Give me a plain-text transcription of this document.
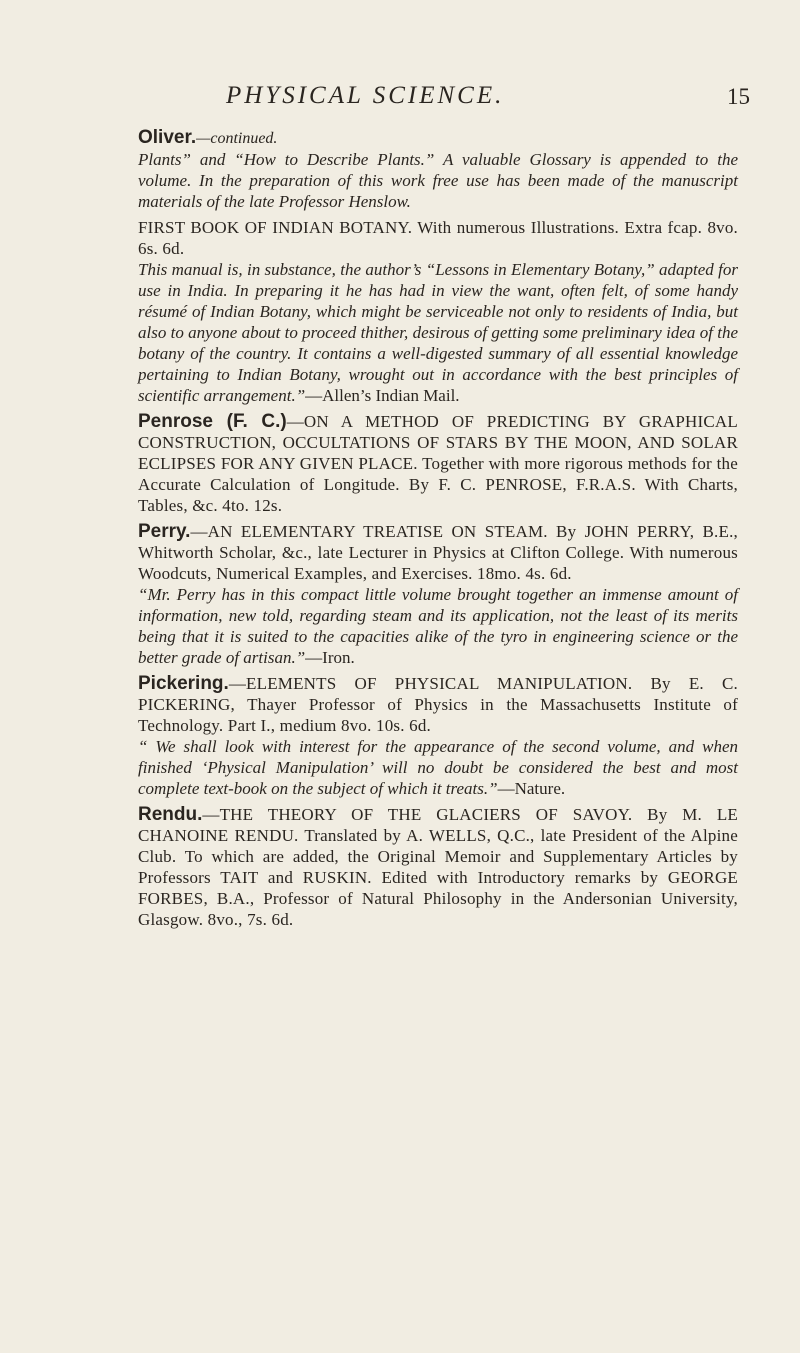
PHYSICAL SCIENCE.	15

Oliver.—continued.

Plants” and “How to Describe Plants.” A valuable Glossary is appended to the volume. In the preparation of this work free use has been made of the manuscript materials of the late Professor Henslow.

FIRST BOOK OF INDIAN BOTANY. With numerous Illustrations. Extra fcap. 8vo. 6s. 6d.

This manual is, in substance, the author’s “Lessons in Elementary Botany,” adapted for use in India. In preparing it he has had in view the want, often felt, of some handy résumé of Indian Botany, which might be serviceable not only to residents of India, but also to anyone about to proceed thither, desirous of getting some preliminary idea of the botany of the country. It contains a well-digested summary of all essential knowledge pertaining to Indian Botany, wrought out in accordance with the best principles of scientific arrangement.”—Allen’s Indian Mail.

Penrose (F. C.)—ON A METHOD OF PREDICTING BY GRAPHICAL CONSTRUCTION, OCCULTATIONS OF STARS BY THE MOON, AND SOLAR ECLIPSES FOR ANY GIVEN PLACE. Together with more rigorous methods for the Accurate Calculation of Longitude. By F. C. PENROSE, F.R.A.S. With Charts, Tables, &c. 4to. 12s.

Perry.—AN ELEMENTARY TREATISE ON STEAM. By JOHN PERRY, B.E., Whitworth Scholar, &c., late Lecturer in Physics at Clifton College. With numerous Woodcuts, Numerical Examples, and Exercises. 18mo. 4s. 6d.

“Mr. Perry has in this compact little volume brought together an immense amount of information, new told, regarding steam and its application, not the least of its merits being that it is suited to the capacities alike of the tyro in engineering science or the better grade of artisan.”—Iron.

Pickering.—ELEMENTS OF PHYSICAL MANIPULATION. By E. C. PICKERING, Thayer Professor of Physics in the Massachusetts Institute of Technology. Part I., medium 8vo. 10s. 6d.

“ We shall look with interest for the appearance of the second volume, and when finished ‘Physical Manipulation’ will no doubt be considered the best and most complete text-book on the subject of which it treats.”—Nature.

Rendu.—THE THEORY OF THE GLACIERS OF SAVOY. By M. LE CHANOINE RENDU. Translated by A. WELLS, Q.C., late President of the Alpine Club. To which are added, the Original Memoir and Supplementary Articles by Professors TAIT and RUSKIN. Edited with Introductory remarks by GEORGE FORBES, B.A., Professor of Natural Philosophy in the Andersonian University, Glasgow. 8vo., 7s. 6d.
